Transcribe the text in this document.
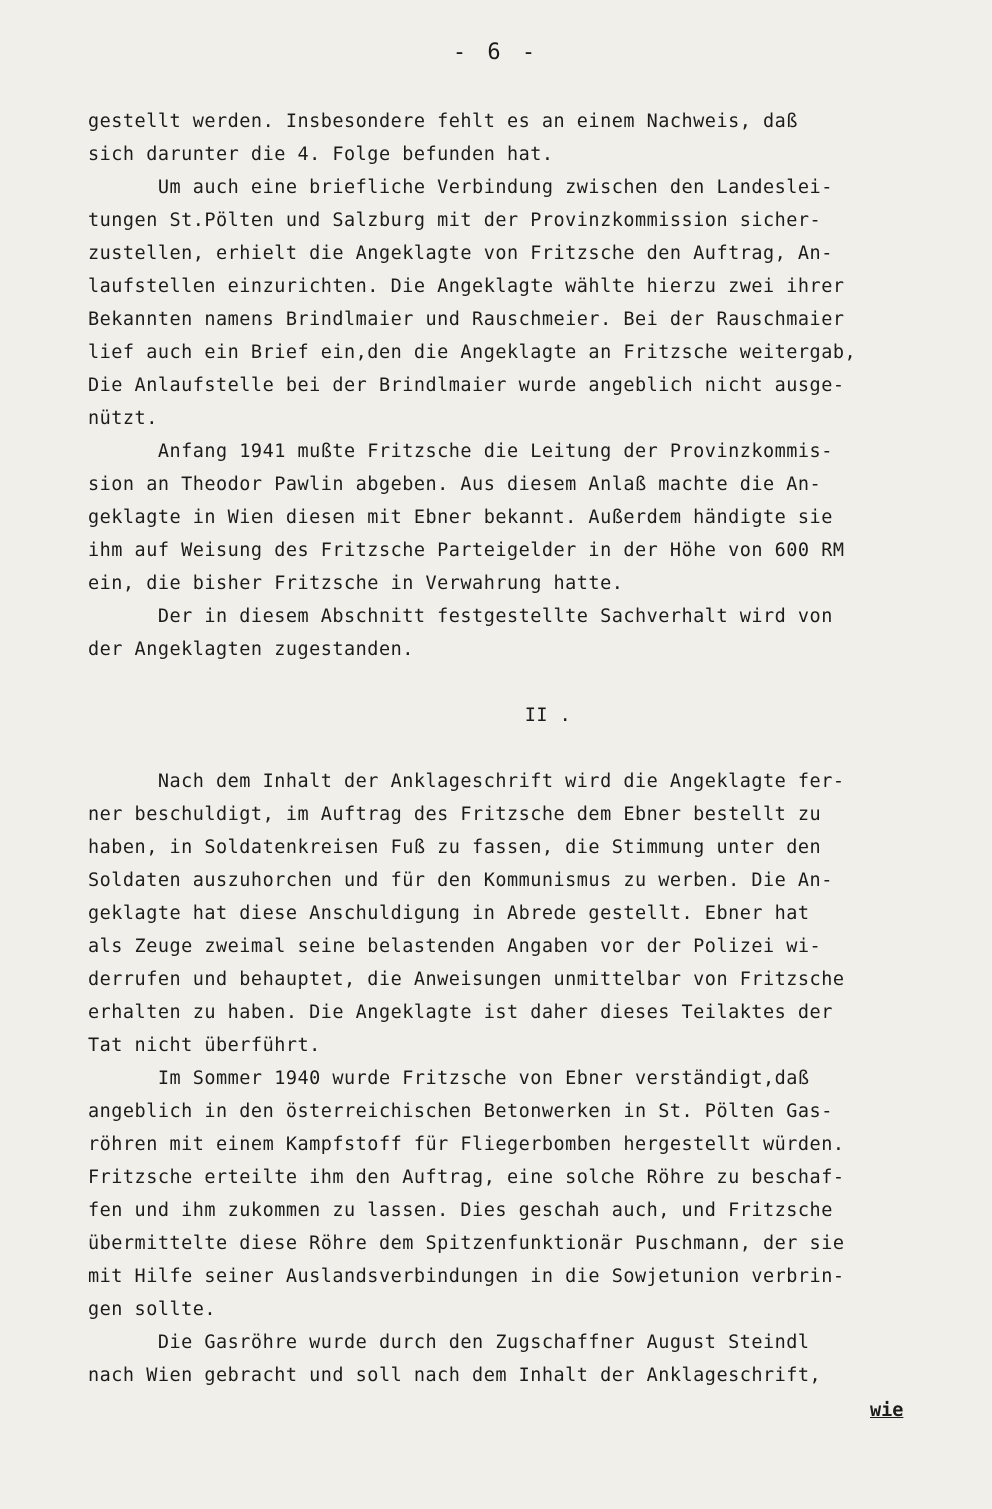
- 6 -
gestellt werden. Insbesondere fehlt es an einem Nachweis, daß
sich darunter die 4. Folge befunden hat.
Um auch eine briefliche Verbindung zwischen den Landeslei-
tungen St.Pölten und Salzburg mit der Provinzkommission sicher-
zustellen, erhielt die Angeklagte von Fritzsche den Auftrag, An-
laufstellen einzurichten. Die Angeklagte wählte hierzu zwei ihrer
Bekannten namens Brindlmaier und Rauschmeier. Bei der Rauschmaier
lief auch ein Brief ein,den die Angeklagte an Fritzsche weitergab,
Die Anlaufstelle bei der Brindlmaier wurde angeblich nicht ausge-
nützt.
Anfang 1941 mußte Fritzsche die Leitung der Provinzkommis-
sion an Theodor Pawlin abgeben. Aus diesem Anlaß machte die An-
geklagte in Wien diesen mit Ebner bekannt. Außerdem händigte sie
ihm auf Weisung des Fritzsche Parteigelder in der Höhe von 600 RM
ein, die bisher Fritzsche in Verwahrung hatte.
Der in diesem Abschnitt festgestellte Sachverhalt wird von
der Angeklagten zugestanden.
II .
Nach dem Inhalt der Anklageschrift wird die Angeklagte fer-
ner beschuldigt, im Auftrag des Fritzsche dem Ebner bestellt zu
haben, in Soldatenkreisen Fuß zu fassen, die Stimmung unter den
Soldaten auszuhorchen und für den Kommunismus zu werben. Die An-
geklagte hat diese Anschuldigung in Abrede gestellt. Ebner hat
als Zeuge zweimal seine belastenden Angaben vor der Polizei wi-
derrufen und behauptet, die Anweisungen unmittelbar von Fritzsche
erhalten zu haben. Die Angeklagte ist daher dieses Teilaktes der
Tat nicht überführt.
Im Sommer 1940 wurde Fritzsche von Ebner verständigt,daß
angeblich in den österreichischen Betonwerken in St. Pölten Gas-
röhren mit einem Kampfstoff für Fliegerbomben hergestellt würden.
Fritzsche erteilte ihm den Auftrag, eine solche Röhre zu beschaf-
fen und ihm zukommen zu lassen. Dies geschah auch, und Fritzsche
übermittelte diese Röhre dem Spitzenfunktionär Puschmann, der sie
mit Hilfe seiner Auslandsverbindungen in die Sowjetunion verbrin-
gen sollte.
Die Gasröhre wurde durch den Zugschaffner August Steindl
nach Wien gebracht und soll nach dem Inhalt der Anklageschrift,
wie
